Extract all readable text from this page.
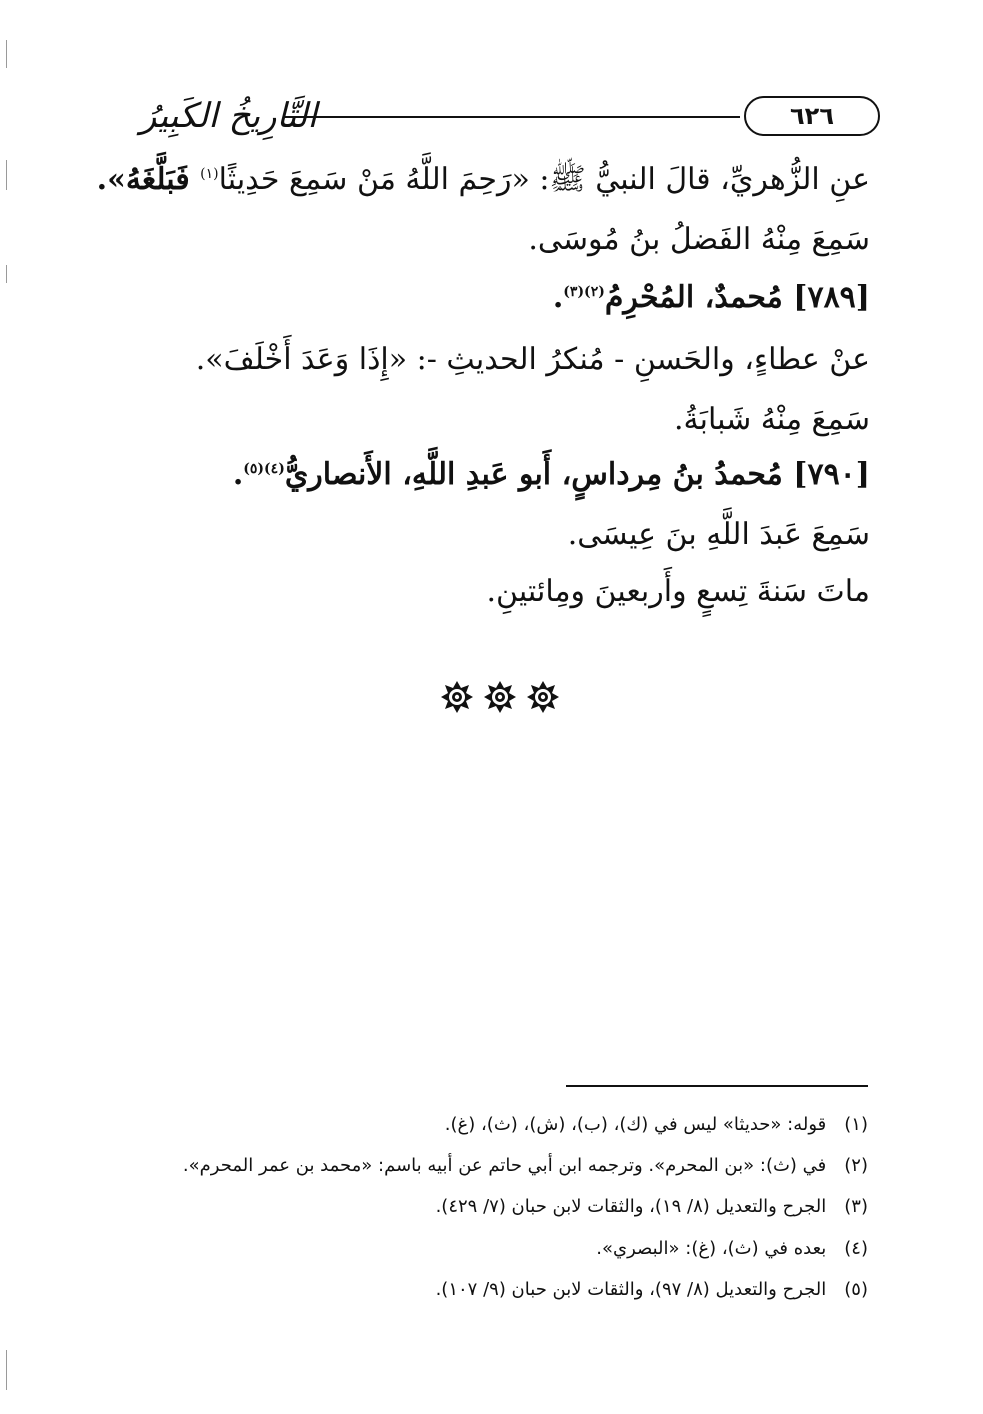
التَّارِيخُ الكَبِيرُ	٦٢٦
عنِ الزُّهريِّ، قالَ النبيُّ ﷺ: «رَحِمَ اللَّهُ مَنْ سَمِعَ حَدِيثًا$^{(١)}$ فَبَلَّغَهُ».
سَمِعَ مِنْهُ الفَضلُ بنُ مُوسَى.
[٧٨٩] مُحمدٌ، المُحْرِمُ$^{(٢)(٣)}$.
عنْ عطاءٍ، والحَسنِ - مُنكرُ الحديثِ -: «إِذَا وَعَدَ أَخْلَفَ».
سَمِعَ مِنْهُ شَبابَةُ.
[٧٩٠] مُحمدُ بنُ مِرداسٍ، أَبو عَبدِ اللَّهِ، الأَنصاريُّ$^{(٤)(٥)}$.
سَمِعَ عَبدَ اللَّهِ بنَ عِيسَى.
ماتَ سَنةَ تِسعٍ وأَربعينَ ومِائتينِ.
(١)قوله: «حديثا» ليس في (ك)، (ب)، (ش)، (ث)، (غ).
(٢)في (ث): «بن المحرم». وترجمه ابن أبي حاتم عن أبيه باسم: «محمد بن عمر المحرم».
(٣)الجرح والتعديل (٨/ ١٩)، والثقات لابن حبان (٧/ ٤٢٩).
(٤)بعده في (ث)، (غ): «البصري».
(٥)الجرح والتعديل (٨/ ٩٧)، والثقات لابن حبان (٩/ ١٠٧).
